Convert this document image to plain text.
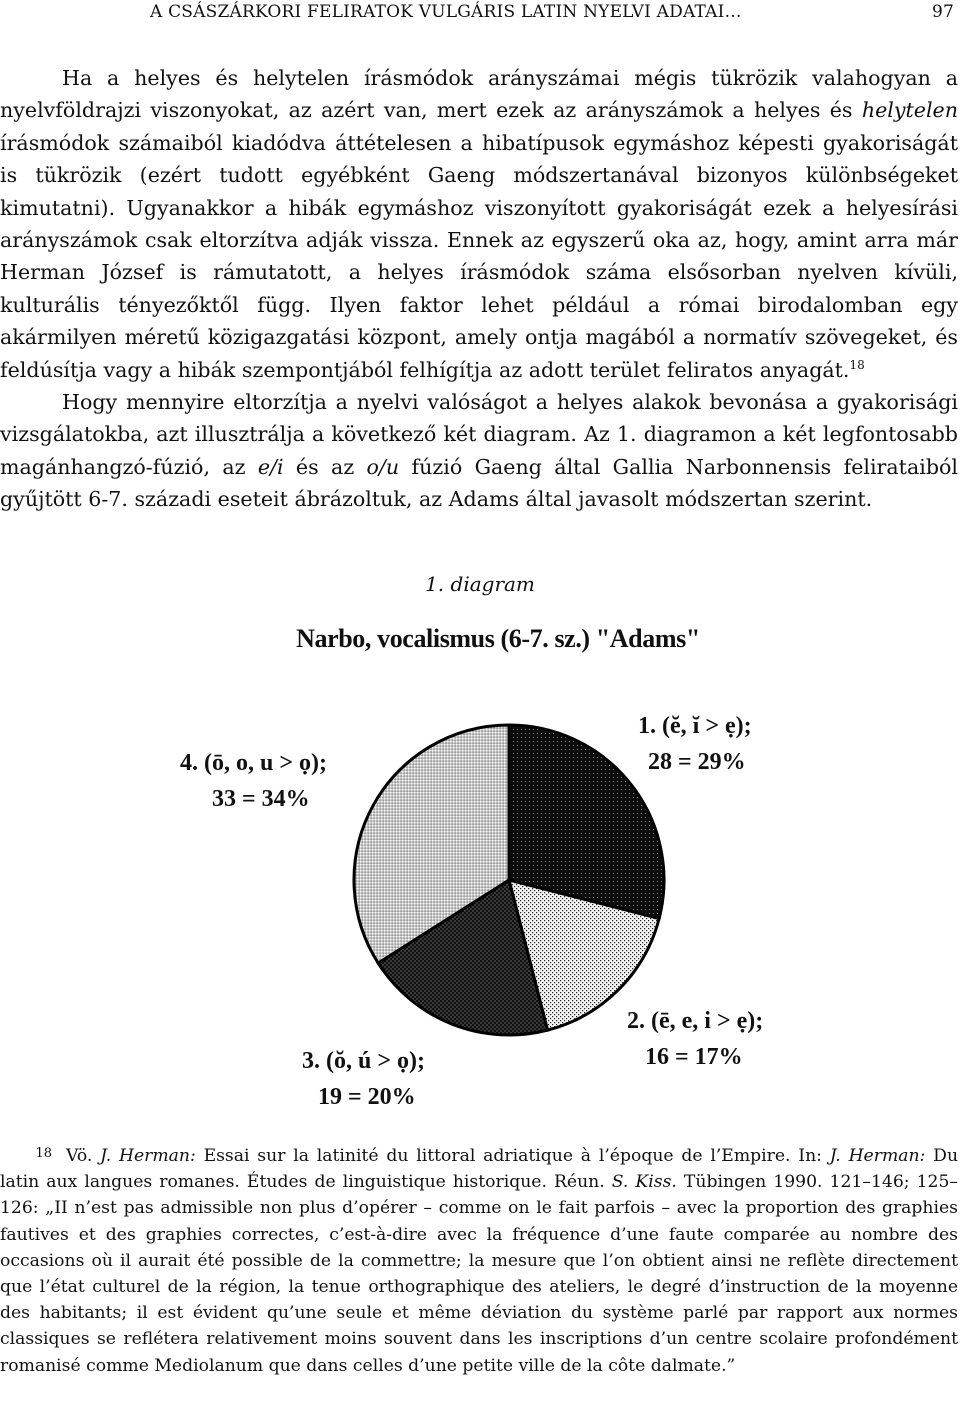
A CSÁSZÁRKORI FELIRATOK VULGÁRIS LATIN NYELVI ADATAI…	97

Ha a helyes és helytelen írásmódok arányszámai mégis tükrözik valahogyan a nyelvföldrajzi viszonyokat, az azért van, mert ezek az arányszámok a helyes és helytelen írásmódok számaiból kiadódva áttételesen a hibatípusok egymáshoz képesti gyakoriságát is tükrözik (ezért tudott egyébként Gaeng módszertanával bizonyos különbségeket kimutatni). Ugyanakkor a hibák egymáshoz viszonyított gyakoriságát ezek a helyesírási arányszámok csak eltorzítva adják vissza. Ennek az egyszerű oka az, hogy, amint arra már Herman József is rámutatott, a helyes írásmódok száma elsősorban nyelven kívüli, kulturális tényezőktől függ. Ilyen faktor lehet például a római birodalomban egy akármilyen méretű közigazgatási központ, amely ontja magából a normatív szövegeket, és feldúsítja vagy a hibák szempontjából felhígítja az adott terület feliratos anyagát.$^{18}$

Hogy mennyire eltorzítja a nyelvi valóságot a helyes alakok bevonása a gyakorisági vizsgálatokba, azt illusztrálja a következő két diagram. Az 1. diagramon a két legfontosabb magánhangzó-fúzió, az e/i és az o/u fúzió Gaeng által Gallia Narbonnensis felirataiból gyűjtött 6-7. századi eseteit ábrázoltuk, az Adams által javasolt módszertan szerint.

1. diagram
Narbo, vocalismus (6-7. sz.) "Adams"
1. (ĕ, ĭ > ẹ);
28 = 29%
2. (ē, e, i > ẹ);
16 = 17%
3. (ŏ, ú > ọ);
19 = 20%
4. (ō, o, u > ọ);
33 = 34%

18 Vö. J. Herman: Essai sur la latinité du littoral adriatique à l’époque de l’Empire. In: J. Herman: Du latin aux langues romanes. Études de linguistique historique. Réun. S. Kiss. Tübingen 1990. 121–146; 125–126: „II n’est pas admissible non plus d’opérer – comme on le fait parfois – avec la proportion des graphies fautives et des graphies correctes, c’est-à-dire avec la fréquence d’une faute comparée au nombre des occasions où il aurait été possible de la commettre; la mesure que l’on obtient ainsi ne reflète directement que l’état culturel de la région, la tenue orthographique des ateliers, le degré d’instruction de la moyenne des habitants; il est évident qu’une seule et même déviation du système parlé par rapport aux normes classiques se reflétera relativement moins souvent dans les inscriptions d’un centre scolaire profondément romanisé comme Mediolanum que dans celles d’une petite ville de la côte dalmate.”
